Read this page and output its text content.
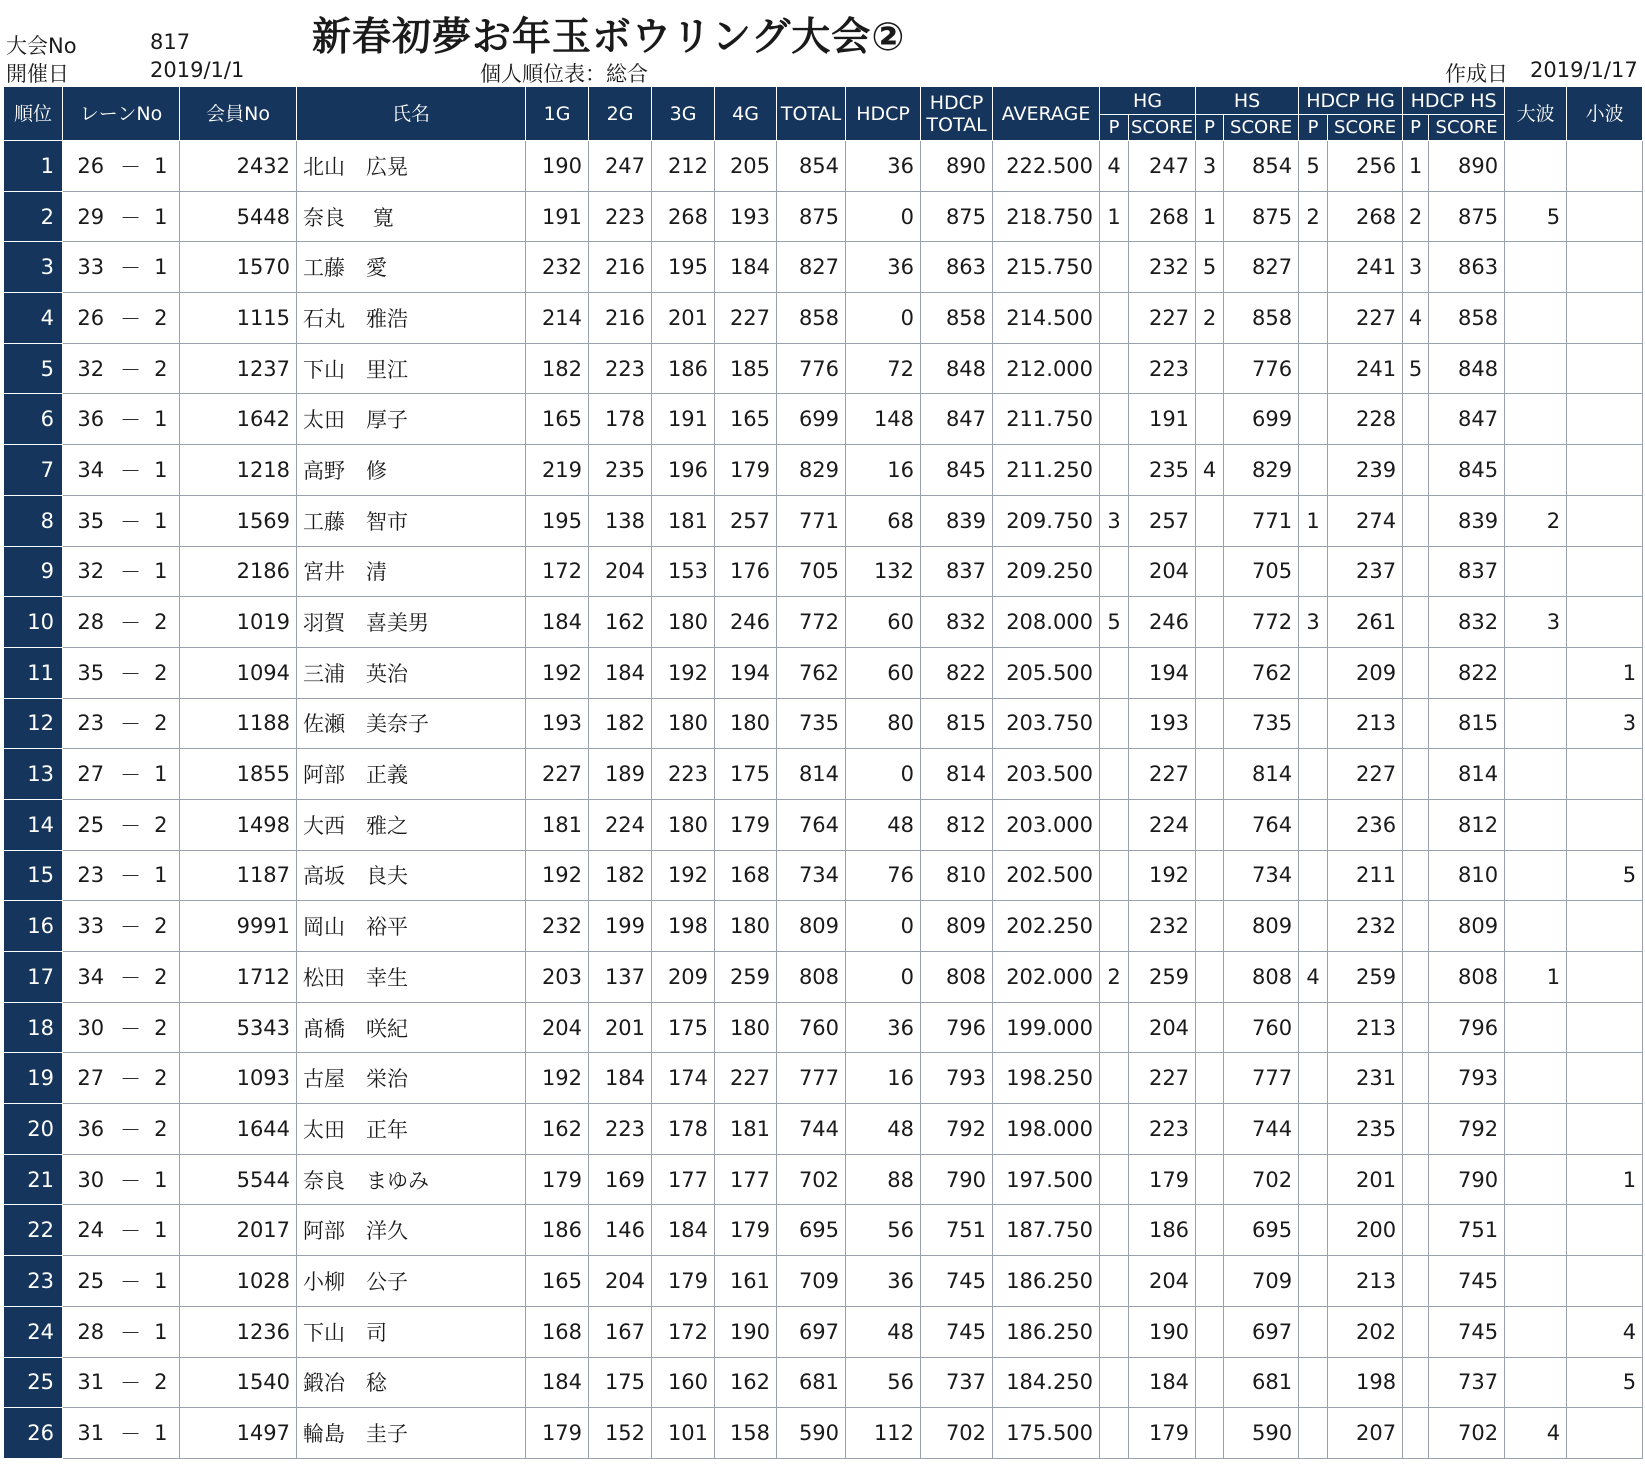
大会No	817
開催日	2019/1/1
新春初夢お年玉ボウリング大会②
個人順位表：総合	作成日 2019/1/17
順位	レーンNo			会員No	氏名	1G	2G	3G	4G	TOTAL	HDCP	HDCP TOTAL	AVERAGE	HG		HS		HDCP HG		HDCP HS		大波	小波
														P	SCORE	P	SCORE	P	SCORE	P	SCORE		
1	26	－	1	2432	北山　広晃	190	247	212	205	854	36	890	222.500	4	247	3	854	5	256	1	890		
2	29	－	1	5448	奈良　 寛	191	223	268	193	875	0	875	218.750	1	268	1	875	2	268	2	875	5	
3	33	－	1	1570	工藤　愛	232	216	195	184	827	36	863	215.750		232	5	827		241	3	863		
4	26	－	2	1115	石丸　雅浩	214	216	201	227	858	0	858	214.500		227	2	858		227	4	858		
5	32	－	2	1237	下山　里江	182	223	186	185	776	72	848	212.000		223		776		241	5	848		
6	36	－	1	1642	太田　厚子	165	178	191	165	699	148	847	211.750		191		699		228		847		
7	34	－	1	1218	高野　修	219	235	196	179	829	16	845	211.250		235	4	829		239		845		
8	35	－	1	1569	工藤　智市	195	138	181	257	771	68	839	209.750	3	257		771	1	274		839	2	
9	32	－	1	2186	宮井　清	172	204	153	176	705	132	837	209.250		204		705		237		837		
10	28	－	2	1019	羽賀　喜美男	184	162	180	246	772	60	832	208.000	5	246		772	3	261		832	3	
11	35	－	2	1094	三浦　英治	192	184	192	194	762	60	822	205.500		194		762		209		822		1
12	23	－	2	1188	佐瀬　美奈子	193	182	180	180	735	80	815	203.750		193		735		213		815		3
13	27	－	1	1855	阿部　正義	227	189	223	175	814	0	814	203.500		227		814		227		814		
14	25	－	2	1498	大西　雅之	181	224	180	179	764	48	812	203.000		224		764		236		812		
15	23	－	1	1187	高坂　良夫	192	182	192	168	734	76	810	202.500		192		734		211		810		5
16	33	－	2	9991	岡山　裕平	232	199	198	180	809	0	809	202.250		232		809		232		809		
17	34	－	2	1712	松田　幸生	203	137	209	259	808	0	808	202.000	2	259		808	4	259		808	1	
18	30	－	2	5343	髙橋　咲紀	204	201	175	180	760	36	796	199.000		204		760		213		796		
19	27	－	2	1093	古屋　栄治	192	184	174	227	777	16	793	198.250		227		777		231		793		
20	36	－	2	1644	太田　正年	162	223	178	181	744	48	792	198.000		223		744		235		792		
21	30	－	1	5544	奈良　まゆみ	179	169	177	177	702	88	790	197.500		179		702		201		790		1
22	24	－	1	2017	阿部　洋久	186	146	184	179	695	56	751	187.750		186		695		200		751		
23	25	－	1	1028	小柳　公子	165	204	179	161	709	36	745	186.250		204		709		213		745		
24	28	－	1	1236	下山　司	168	167	172	190	697	48	745	186.250		190		697		202		745		4
25	31	－	2	1540	鍛冶　稔	184	175	160	162	681	56	737	184.250		184		681		198		737		5
26	31	－	1	1497	輪島　圭子	179	152	101	158	590	112	702	175.500		179		590		207		702	4	
